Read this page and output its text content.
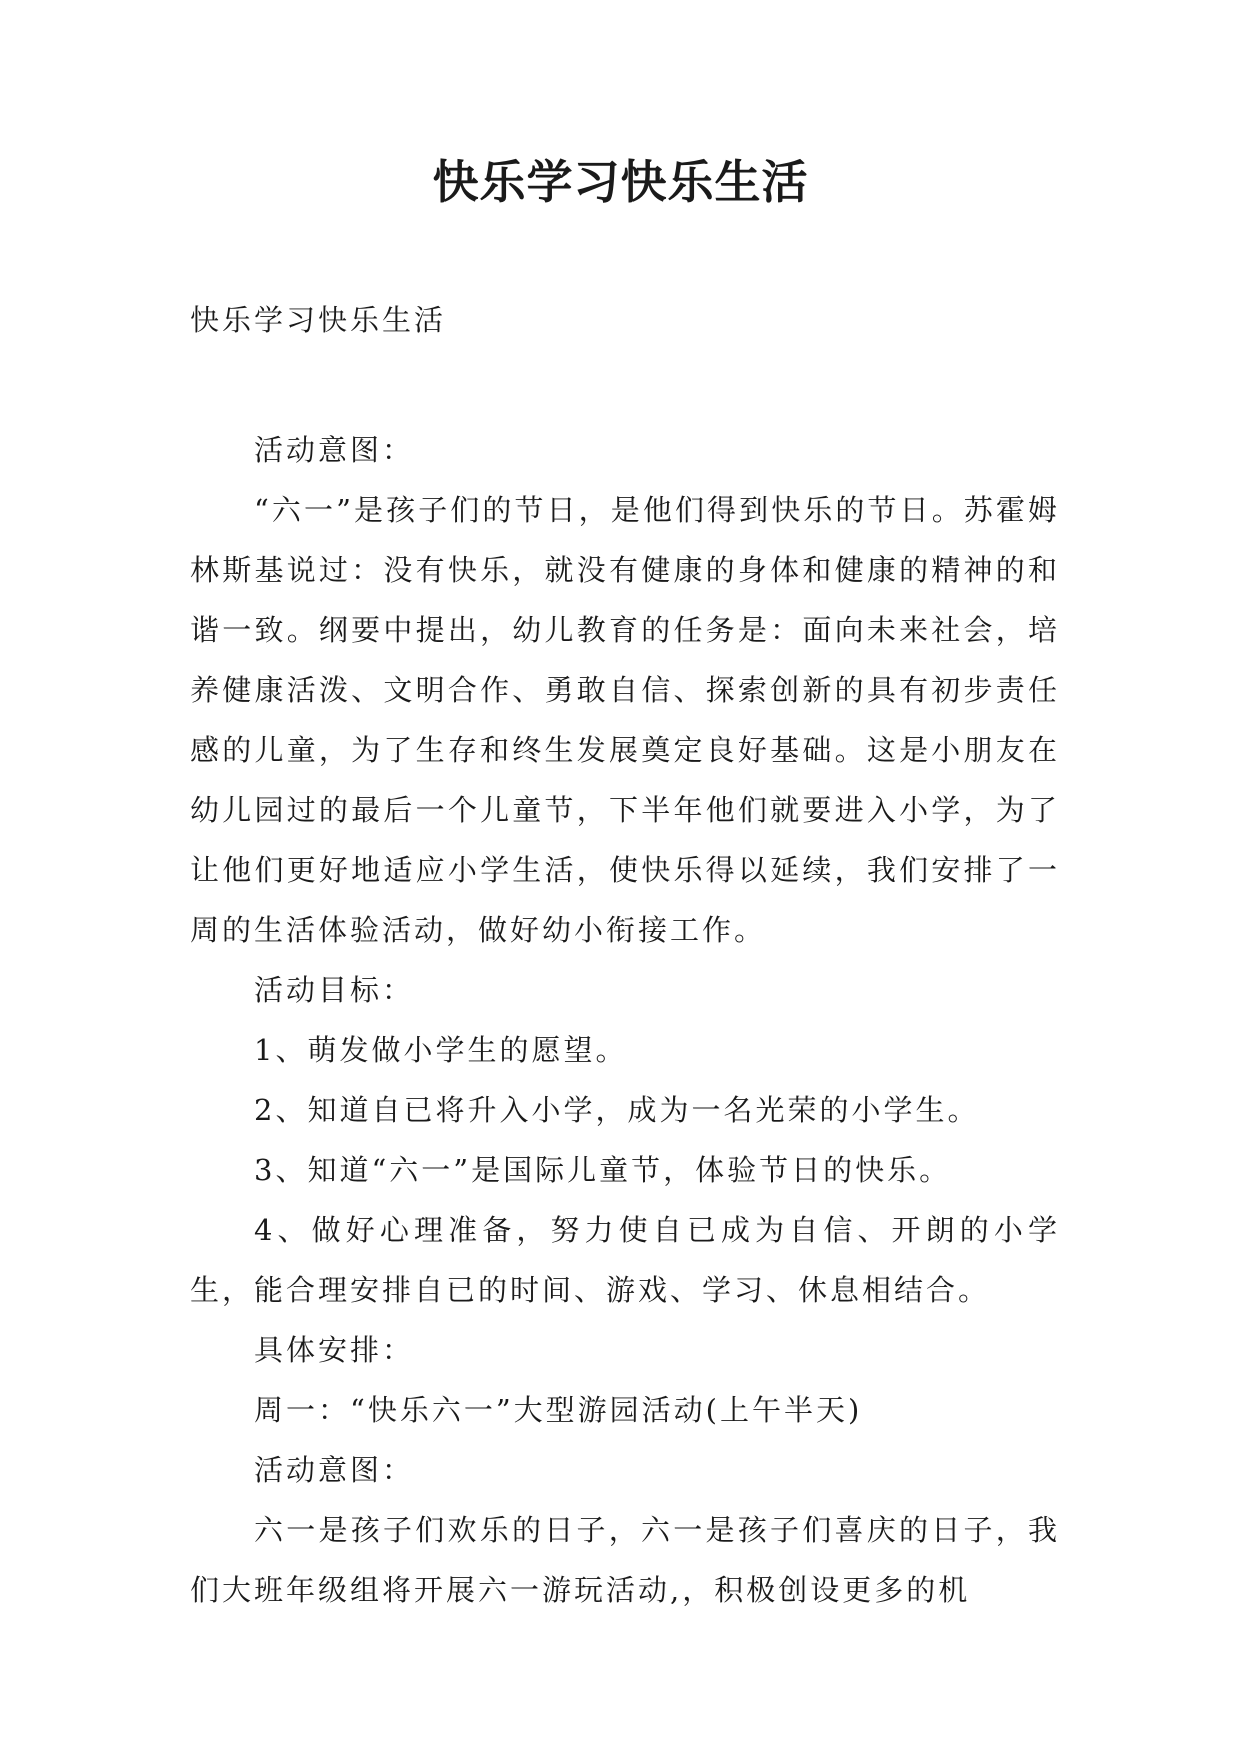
快乐学习快乐生活

快乐学习快乐生活

活动意图：

“六一”是孩子们的节日，是他们得到快乐的节日。苏霍姆林斯基说过：没有快乐，就没有健康的身体和健康的精神的和谐一致。纲要中提出，幼儿教育的任务是：面向未来社会，培养健康活泼、文明合作、勇敢自信、探索创新的具有初步责任感的儿童，为了生存和终生发展奠定良好基础。这是小朋友在幼儿园过的最后一个儿童节，下半年他们就要进入小学，为了让他们更好地适应小学生活，使快乐得以延续，我们安排了一周的生活体验活动，做好幼小衔接工作。

活动目标：

1、萌发做小学生的愿望。

2、知道自已将升入小学，成为一名光荣的小学生。

3、知道“六一”是国际儿童节，体验节日的快乐。

4、做好心理准备，努力使自已成为自信、开朗的小学生，能合理安排自已的时间、游戏、学习、休息相结合。

具体安排：

周一：“快乐六一”大型游园活动(上午半天)

活动意图：

六一是孩子们欢乐的日子，六一是孩子们喜庆的日子，我们大班年级组将开展六一游玩活动,，积极创设更多的机
